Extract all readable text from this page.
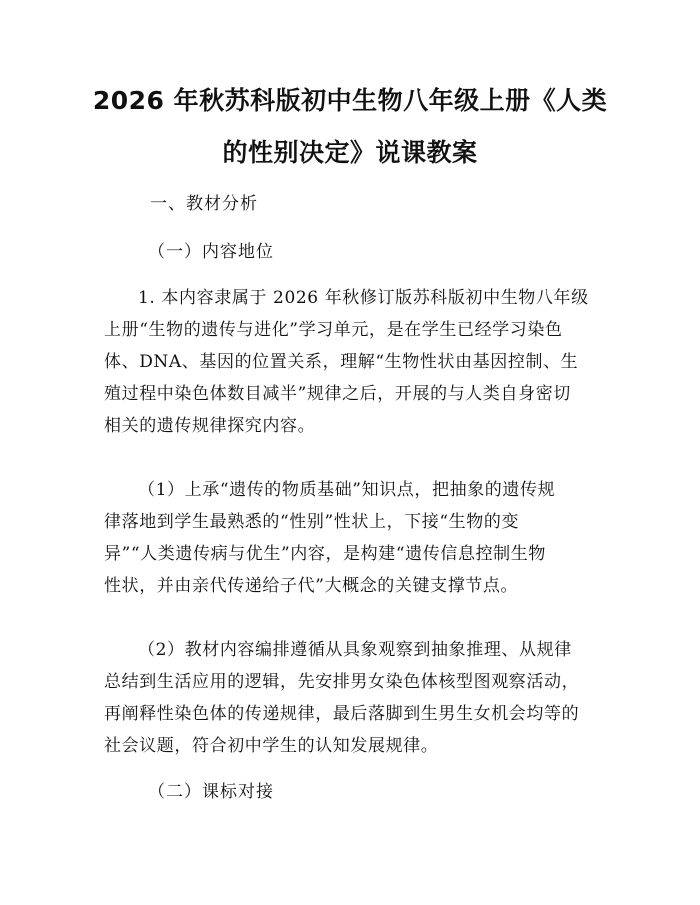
2026 年秋苏科版初中生物八年级上册《人类
的性别决定》说课教案

一、教材分析

（一）内容地位

1. 本内容隶属于 2026 年秋修订版苏科版初中生物八年级
上册“生物的遗传与进化”学习单元，是在学生已经学习染色
体、DNA、基因的位置关系，理解“生物性状由基因控制、生
殖过程中染色体数目减半”规律之后，开展的与人类自身密切
相关的遗传规律探究内容。

（1）上承“遗传的物质基础”知识点，把抽象的遗传规
律落地到学生最熟悉的“性别”性状上，下接“生物的变
异”“人类遗传病与优生”内容，是构建“遗传信息控制生物
性状，并由亲代传递给子代”大概念的关键支撑节点。

（2）教材内容编排遵循从具象观察到抽象推理、从规律
总结到生活应用的逻辑，先安排男女染色体核型图观察活动，
再阐释性染色体的传递规律，最后落脚到生男生女机会均等的
社会议题，符合初中学生的认知发展规律。

（二）课标对接
